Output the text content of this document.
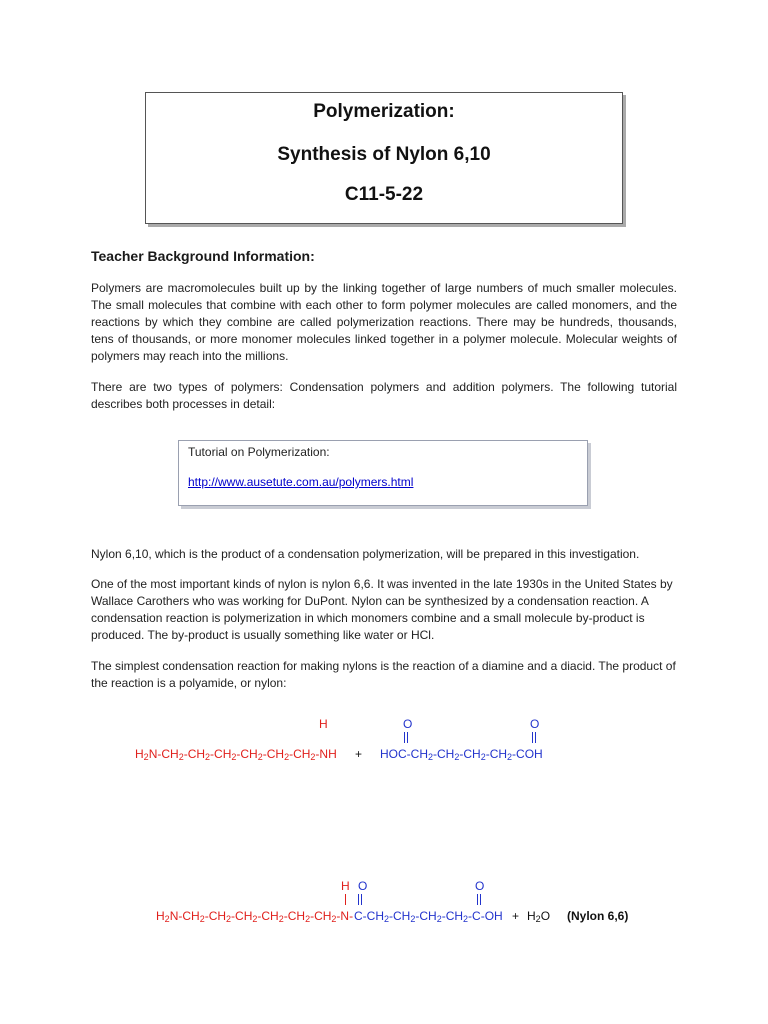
Polymerization:
Synthesis of Nylon 6,10
C11-5-22
Teacher Background Information:
Polymers are macromolecules built up by the linking together of large numbers of much smaller molecules. The small molecules that combine with each other to form polymer molecules are called monomers, and the reactions by which they combine are called polymerization reactions. There may be hundreds, thousands, tens of thousands, or more monomer molecules linked together in a polymer molecule. Molecular weights of polymers may reach into the millions.
There are two types of polymers: Condensation polymers and addition polymers. The following tutorial describes both processes in detail:
Tutorial on Polymerization:
http://www.ausetute.com.au/polymers.html
Nylon 6,10, which is the product of a condensation polymerization, will be prepared in this investigation.
One of the most important kinds of nylon is nylon 6,6. It was invented in the late 1930s in the United States by Wallace Carothers who was working for DuPont. Nylon can be synthesized by a condensation reaction. A condensation reaction is polymerization in which monomers combine and a small molecule by-product is produced. The by-product is usually something like water or HCl.
The simplest condensation reaction for making nylons is the reaction of a diamine and a diacid. The product of the reaction is a polyamide, or nylon:
H	O	O
$H_2N-CH_2-CH_2-CH_2-CH_2-CH_2-CH_2-NH + HOC-CH_2-CH_2-CH_2-CH_2-COH$
H O	O
$H_2N-CH_2-CH_2-CH_2-CH_2-CH_2-CH_2-N-$ $C-CH_2-CH_2-CH_2-CH_2-C-OH + H_2O$ (Nylon 6,6)
